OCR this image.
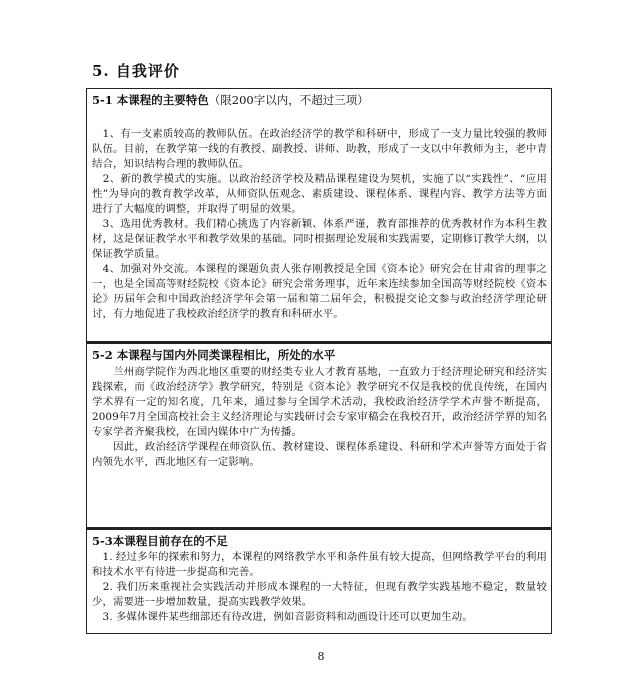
5. 自我评价
5-1 本课程的主要特色（限200字以内，不超过三项）

　1、有一支素质较高的教师队伍。在政治经济学的教学和科研中，形成了一支力量比较强的教师队伍。目前，在教学第一线的有教授、副教授、讲师、助教，形成了一支以中年教师为主，老中青结合，知识结构合理的教师队伍。

　2、新的教学模式的实施。以政治经济学校及精品课程建设为契机，实施了以“实践性”、“应用性”为导向的教育教学改革，从师资队伍观念、素质建设、课程体系、课程内容、教学方法等方面进行了大幅度的调整，并取得了明显的效果。

　3、选用优秀教材。我们精心挑选了内容新颖、体系严谨，教育部推荐的优秀教材作为本科生教材，这是保证教学水平和教学效果的基础。同时根据理论发展和实践需要，定期修订教学大纲，以保证教学质量。

　4、加强对外交流。本课程的课题负责人张存刚教授是全国《资本论》研究会在甘肃省的理事之一，也是全国高等财经院校《资本论》研究会常务理事，近年来连续参加全国高等财经院校《资本论》历届年会和中国政治经济学年会第一届和第二届年会，积极提交论文参与政治经济学理论研讨，有力地促进了我校政治经济学的教育和科研水平。

5-2 本课程与国内外同类课程相比，所处的水平

　　兰州商学院作为西北地区重要的财经类专业人才教育基地，一直致力于经济理论研究和经济实践探索，而《政治经济学》教学研究，特别是《资本论》教学研究不仅是我校的优良传统，在国内学术界有一定的知名度，几年来，通过参与全国学术活动，我校政治经济学学术声誉不断提高，2009年7月全国高校社会主义经济理论与实践研讨会专家审稿会在我校召开，政治经济学界的知名专家学者齐聚我校，在国内媒体中广为传播。

　　因此，政治经济学课程在师资队伍、教材建设、课程体系建设、科研和学术声誉等方面处于省内领先水平，西北地区有一定影响。

5-3本课程目前存在的不足

　1. 经过多年的探索和努力，本课程的网络教学水平和条件虽有较大提高，但网络教学平台的利用和技术水平有待进一步提高和完善。

　2. 我们历来重视社会实践活动并形成本课程的一大特征，但现有教学实践基地不稳定，数量较少，需要进一步增加数量，提高实践教学效果。

　3. 多媒体课件某些细部还有待改进，例如音影资料和动画设计还可以更加生动。

8
